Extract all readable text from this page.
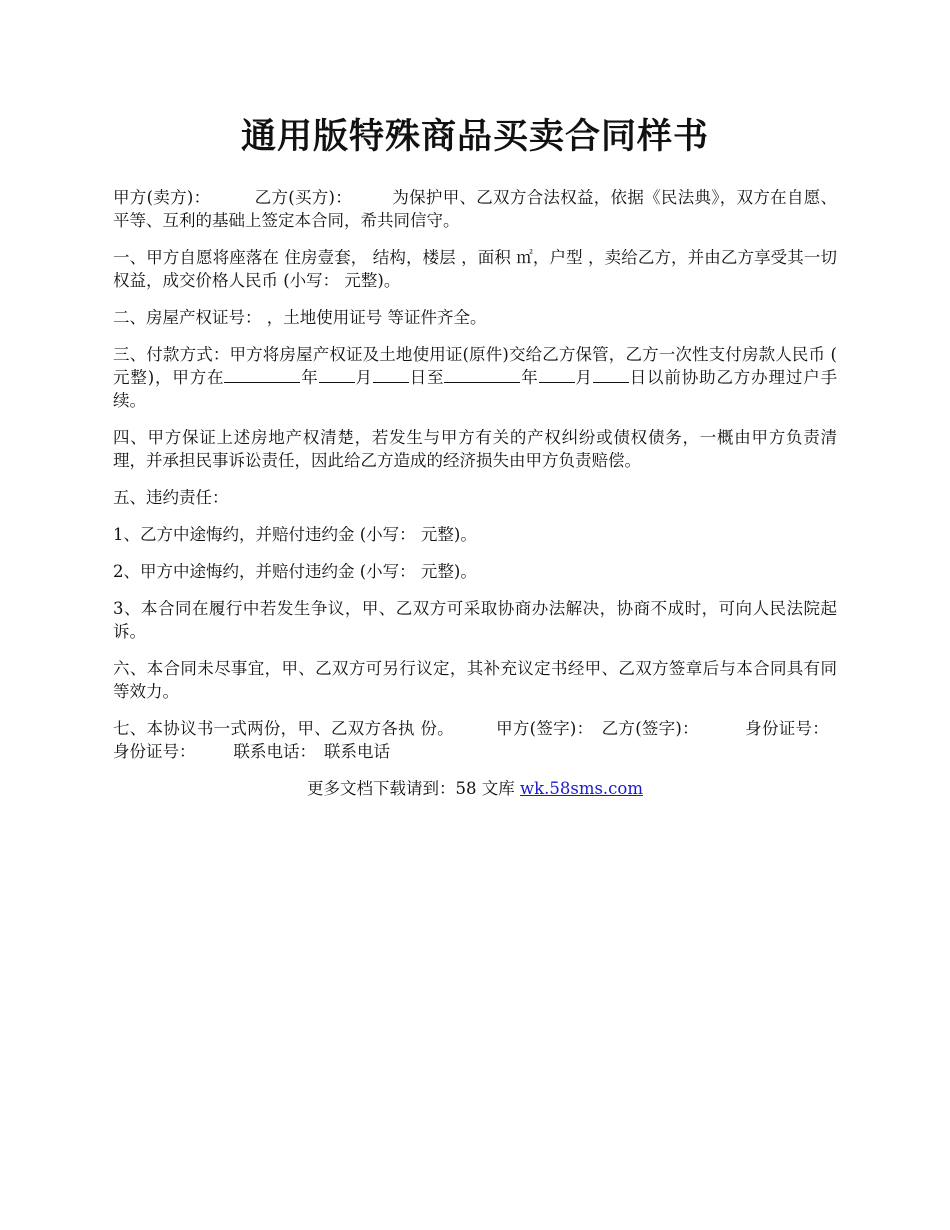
通用版特殊商品买卖合同样书

甲方(卖方)：	乙方(买方)： 为保护甲、乙双方合法权益，依据《民法典》，双方在自愿、平等、互利的基础上签定本合同，希共同信守。

一、甲方自愿将座落在 住房壹套， 结构，楼层 ，面积 ㎡，户型 ，卖给乙方，并由乙方享受其一切权益，成交价格人民币 (小写： 元整)。

二、房屋产权证号： ，土地使用证号 等证件齐全。

三、付款方式：甲方将房屋产权证及土地使用证(原件)交给乙方保管，乙方一次性支付房款人民币 ( 元整)，甲方在	年 月 日至	年 月 日以前协助乙方办理过户手续。

四、甲方保证上述房地产权清楚，若发生与甲方有关的产权纠纷或债权债务，一概由甲方负责清理，并承担民事诉讼责任，因此给乙方造成的经济损失由甲方负责赔偿。

五、违约责任：

1、乙方中途悔约，并赔付违约金 (小写： 元整)。

2、甲方中途悔约，并赔付违约金 (小写： 元整)。

3、本合同在履行中若发生争议，甲、乙双方可采取协商办法解决，协商不成时，可向人民法院起诉。

六、本合同未尽事宜，甲、乙双方可另行议定，其补充议定书经甲、乙双方签章后与本合同具有同等效力。

七、本协议书一式两份，甲、乙双方各执 份。	甲方(签字)： 乙方(签字)：	身份证号：身份证号： 联系电话： 联系电话

更多文档下载请到：58 文库 wk.58sms.com
